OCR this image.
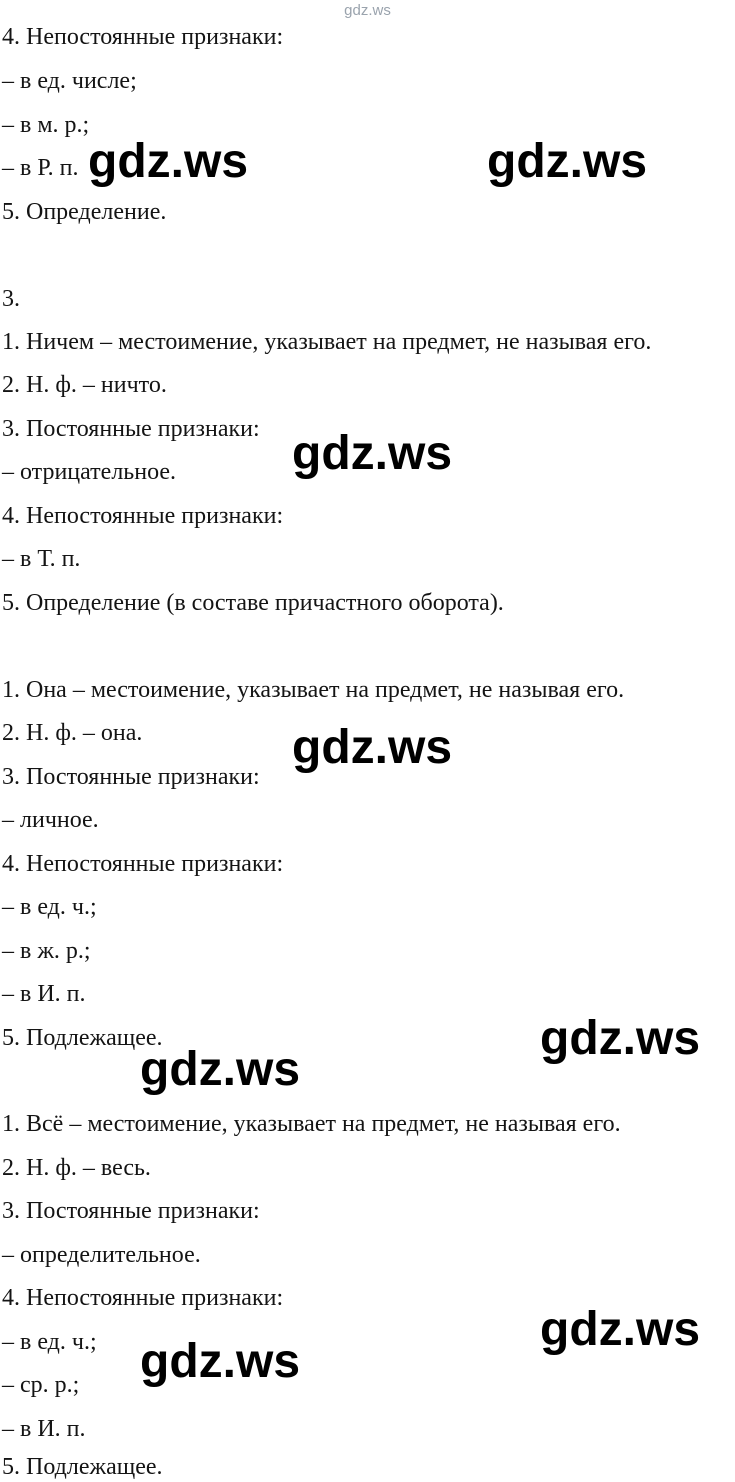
gdz.ws
4. Непостоянные признаки:
– в ед. числе;
– в м. р.;
– в Р. п.
5. Определение.
3.
1. Ничем – местоимение, указывает на предмет, не называя его.
2. Н. ф. – ничто.
3. Постоянные признаки:
– отрицательное.
4. Непостоянные признаки:
– в Т. п.
5. Определение (в составе причастного оборота).
1. Она – местоимение, указывает на предмет, не называя его.
2. Н. ф. – она.
3. Постоянные признаки:
– личное.
4. Непостоянные признаки:
– в ед. ч.;
– в ж. р.;
– в И. п.
5. Подлежащее.
1. Всё – местоимение, указывает на предмет, не называя его.
2. Н. ф. – весь.
3. Постоянные признаки:
– определительное.
4. Непостоянные признаки:
– в ед. ч.;
– ср. р.;
– в И. п.
5. Подлежащее.
gdz.ws	gdz.ws
gdz.ws
gdz.ws
gdz.ws
gdz.ws
gdz.ws
gdz.ws
